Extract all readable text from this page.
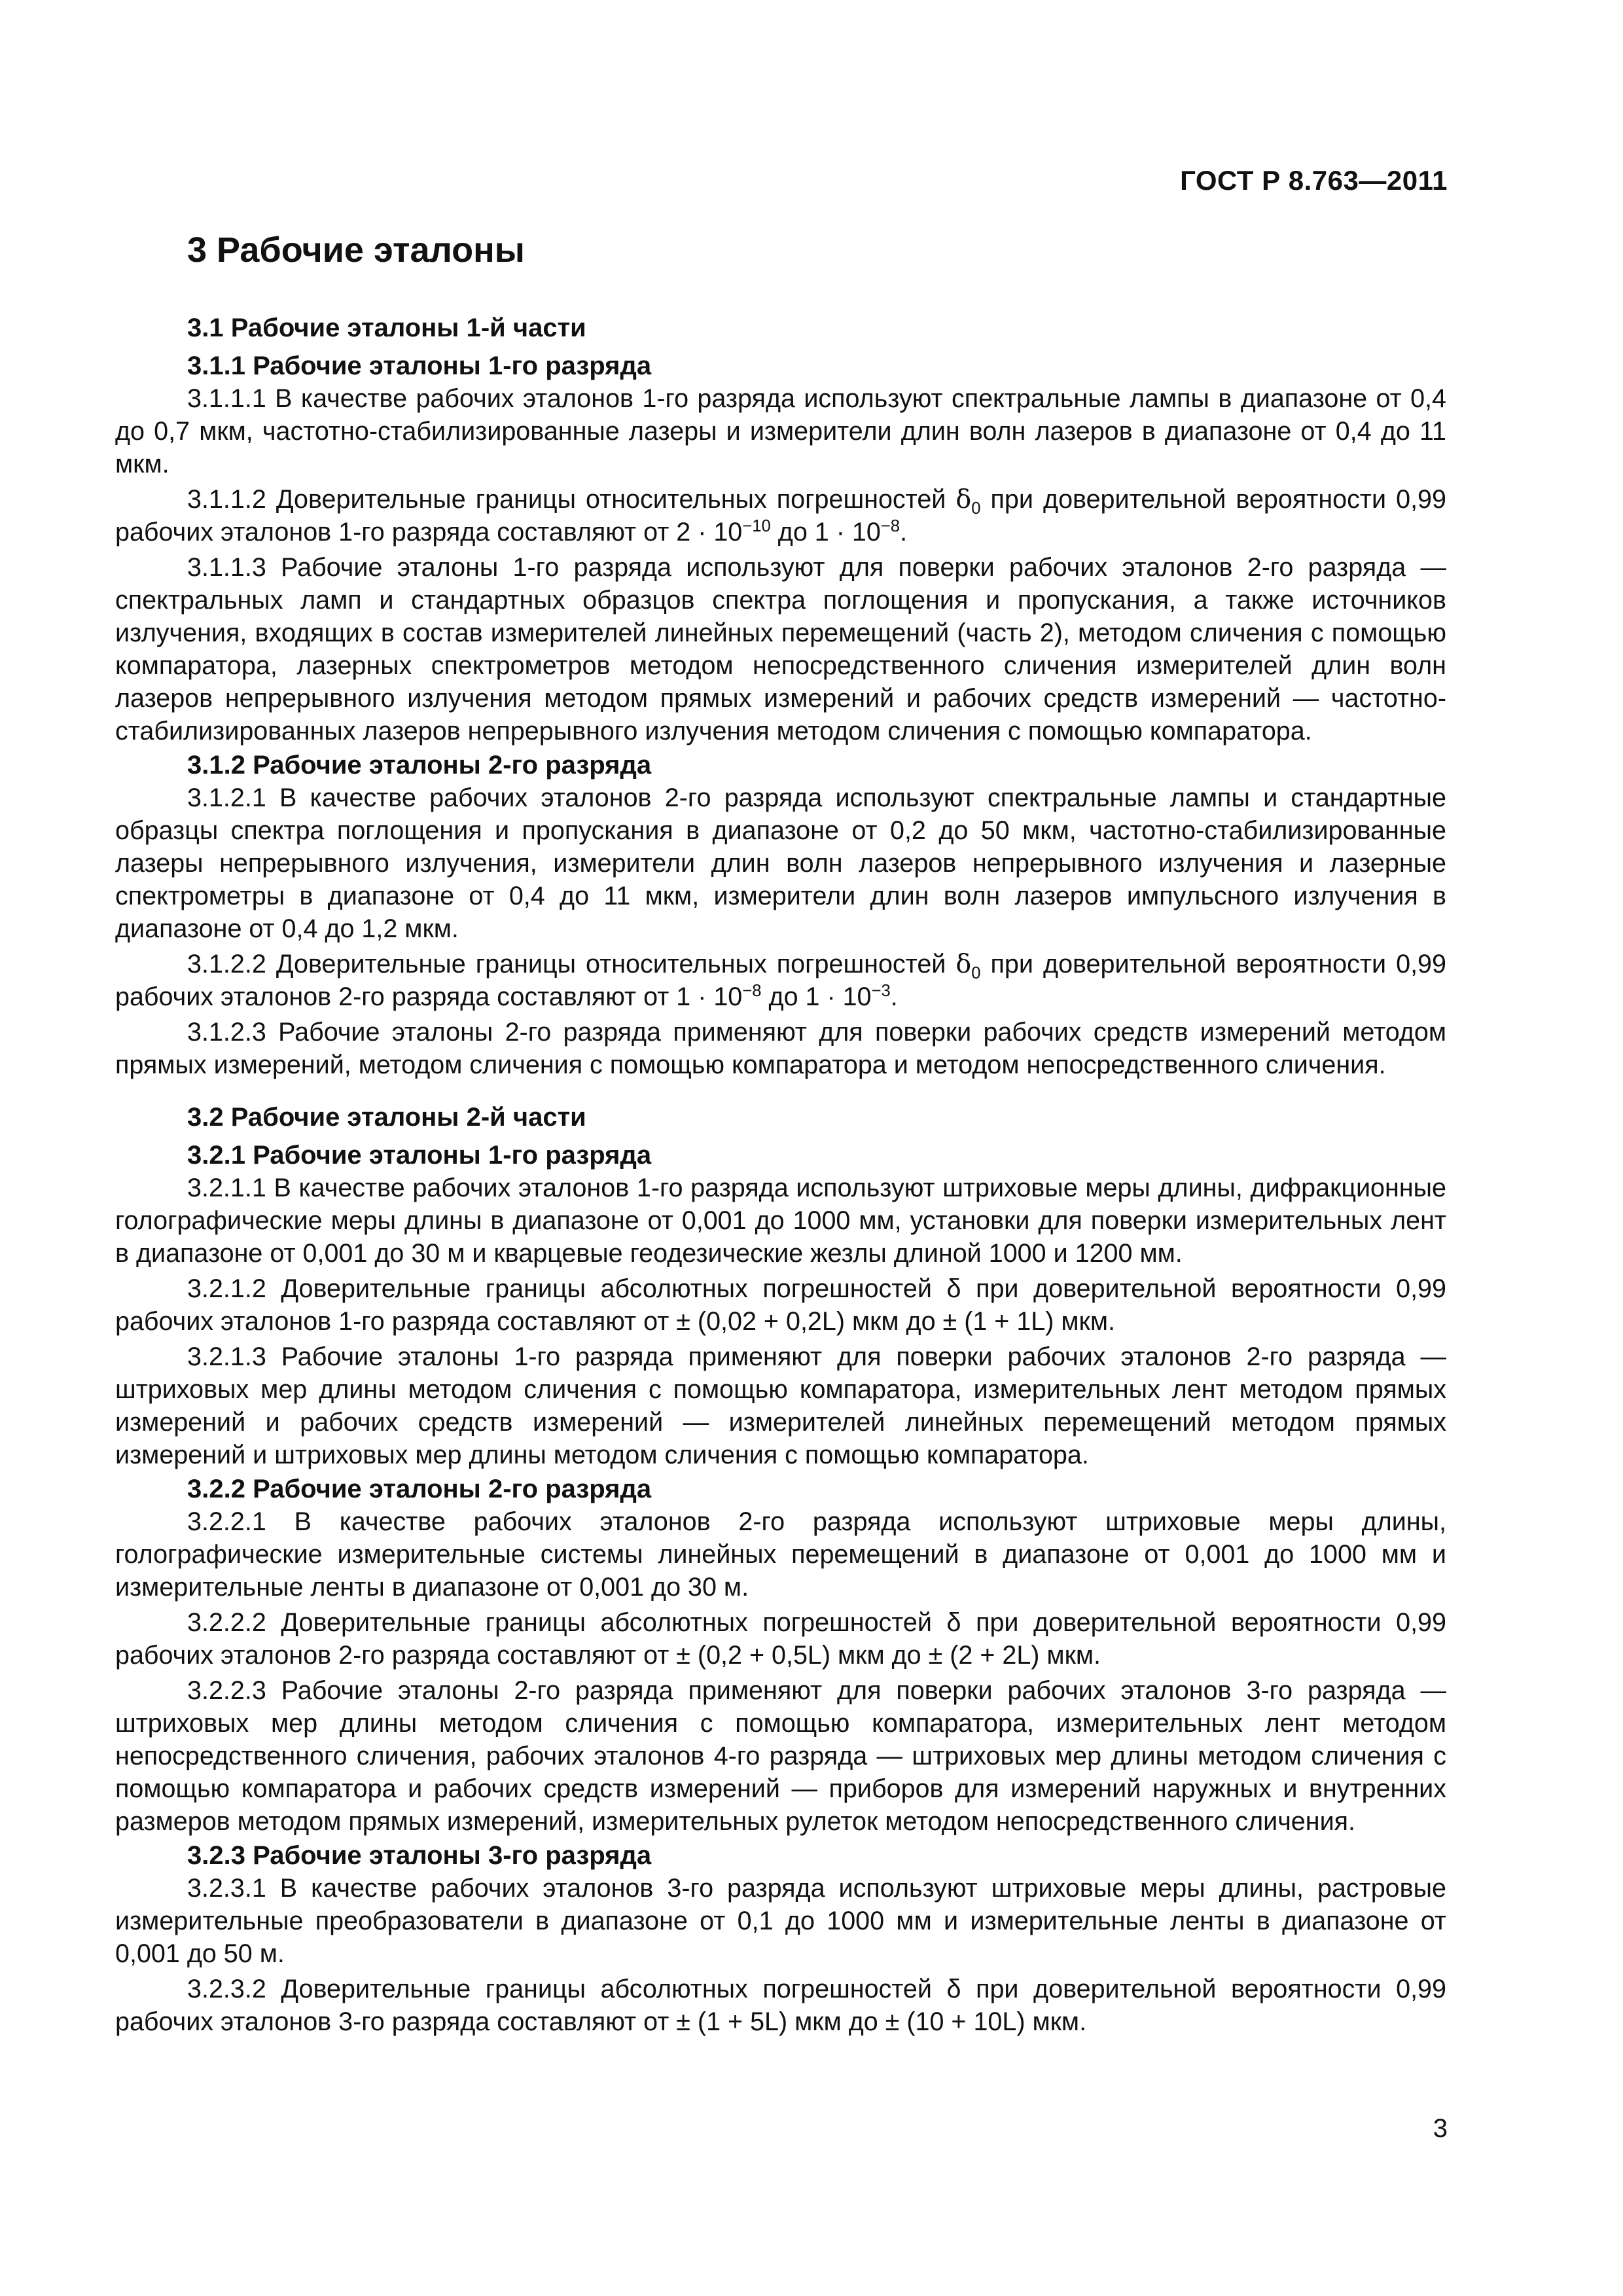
ГОСТ Р 8.763—2011
3 Рабочие эталоны
3.1 Рабочие эталоны 1-й части
3.1.1 Рабочие эталоны 1-го разряда

3.1.1.1 В качестве рабочих эталонов 1-го разряда используют спектральные лампы в диапазоне от 0,4 до 0,7 мкм, частотно-стабилизированные лазеры и измерители длин волн лазеров в диапазоне от 0,4 до 11 мкм.

3.1.1.2 Доверительные границы относительных погрешностей $\delta_0$ при доверительной вероятности 0,99 рабочих эталонов 1-го разряда составляют от $2 \cdot 10^{-10}$ до $1 \cdot 10^{-8}$.

3.1.1.3 Рабочие эталоны 1-го разряда используют для поверки рабочих эталонов 2-го разряда — спектральных ламп и стандартных образцов спектра поглощения и пропускания, а также источников излучения, входящих в состав измерителей линейных перемещений (часть 2), методом сличения с помощью компаратора, лазерных спектрометров методом непосредственного сличения измерителей длин волн лазеров непрерывного излучения методом прямых измерений и рабочих средств измерений — частотно-стабилизированных лазеров непрерывного излучения методом сличения с помощью компаратора.

3.1.2 Рабочие эталоны 2-го разряда

3.1.2.1 В качестве рабочих эталонов 2-го разряда используют спектральные лампы и стандартные образцы спектра поглощения и пропускания в диапазоне от 0,2 до 50 мкм, частотно-стабилизированные лазеры непрерывного излучения, измерители длин волн лазеров непрерывного излучения и лазерные спектрометры в диапазоне от 0,4 до 11 мкм, измерители длин волн лазеров импульсного излучения в диапазоне от 0,4 до 1,2 мкм.

3.1.2.2 Доверительные границы относительных погрешностей $\delta_0$ при доверительной вероятности 0,99 рабочих эталонов 2-го разряда составляют от $1 \cdot 10^{-8}$ до $1 \cdot 10^{-3}$.

3.1.2.3 Рабочие эталоны 2-го разряда применяют для поверки рабочих средств измерений методом прямых измерений, методом сличения с помощью компаратора и методом непосредственного сличения.

3.2 Рабочие эталоны 2-й части
3.2.1 Рабочие эталоны 1-го разряда

3.2.1.1 В качестве рабочих эталонов 1-го разряда используют штриховые меры длины, дифракционные голографические меры длины в диапазоне от 0,001 до 1000 мм, установки для поверки измерительных лент в диапазоне от 0,001 до 30 м и кварцевые геодезические жезлы длиной 1000 и 1200 мм.

3.2.1.2 Доверительные границы абсолютных погрешностей δ при доверительной вероятности 0,99 рабочих эталонов 1-го разряда составляют от ± (0,02 + 0,2L) мкм до ± (1 + 1L) мкм.

3.2.1.3 Рабочие эталоны 1-го разряда применяют для поверки рабочих эталонов 2-го разряда — штриховых мер длины методом сличения с помощью компаратора, измерительных лент методом прямых измерений и рабочих средств измерений — измерителей линейных перемещений методом прямых измерений и штриховых мер длины методом сличения с помощью компаратора.

3.2.2 Рабочие эталоны 2-го разряда

3.2.2.1 В качестве рабочих эталонов 2-го разряда используют штриховые меры длины, голографические измерительные системы линейных перемещений в диапазоне от 0,001 до 1000 мм и измерительные ленты в диапазоне от 0,001 до 30 м.

3.2.2.2 Доверительные границы абсолютных погрешностей δ при доверительной вероятности 0,99 рабочих эталонов 2-го разряда составляют от ± (0,2 + 0,5L) мкм до ± (2 + 2L) мкм.

3.2.2.3 Рабочие эталоны 2-го разряда применяют для поверки рабочих эталонов 3-го разряда — штриховых мер длины методом сличения с помощью компаратора, измерительных лент методом непосредственного сличения, рабочих эталонов 4-го разряда — штриховых мер длины методом сличения с помощью компаратора и рабочих средств измерений — приборов для измерений наружных и внутренних размеров методом прямых измерений, измерительных рулеток методом непосредственного сличения.

3.2.3 Рабочие эталоны 3-го разряда

3.2.3.1 В качестве рабочих эталонов 3-го разряда используют штриховые меры длины, растровые измерительные преобразователи в диапазоне от 0,1 до 1000 мм и измерительные ленты в диапазоне от 0,001 до 50 м.

3.2.3.2 Доверительные границы абсолютных погрешностей δ при доверительной вероятности 0,99 рабочих эталонов 3-го разряда составляют от ± (1 + 5L) мкм до ± (10 + 10L) мкм.

3
